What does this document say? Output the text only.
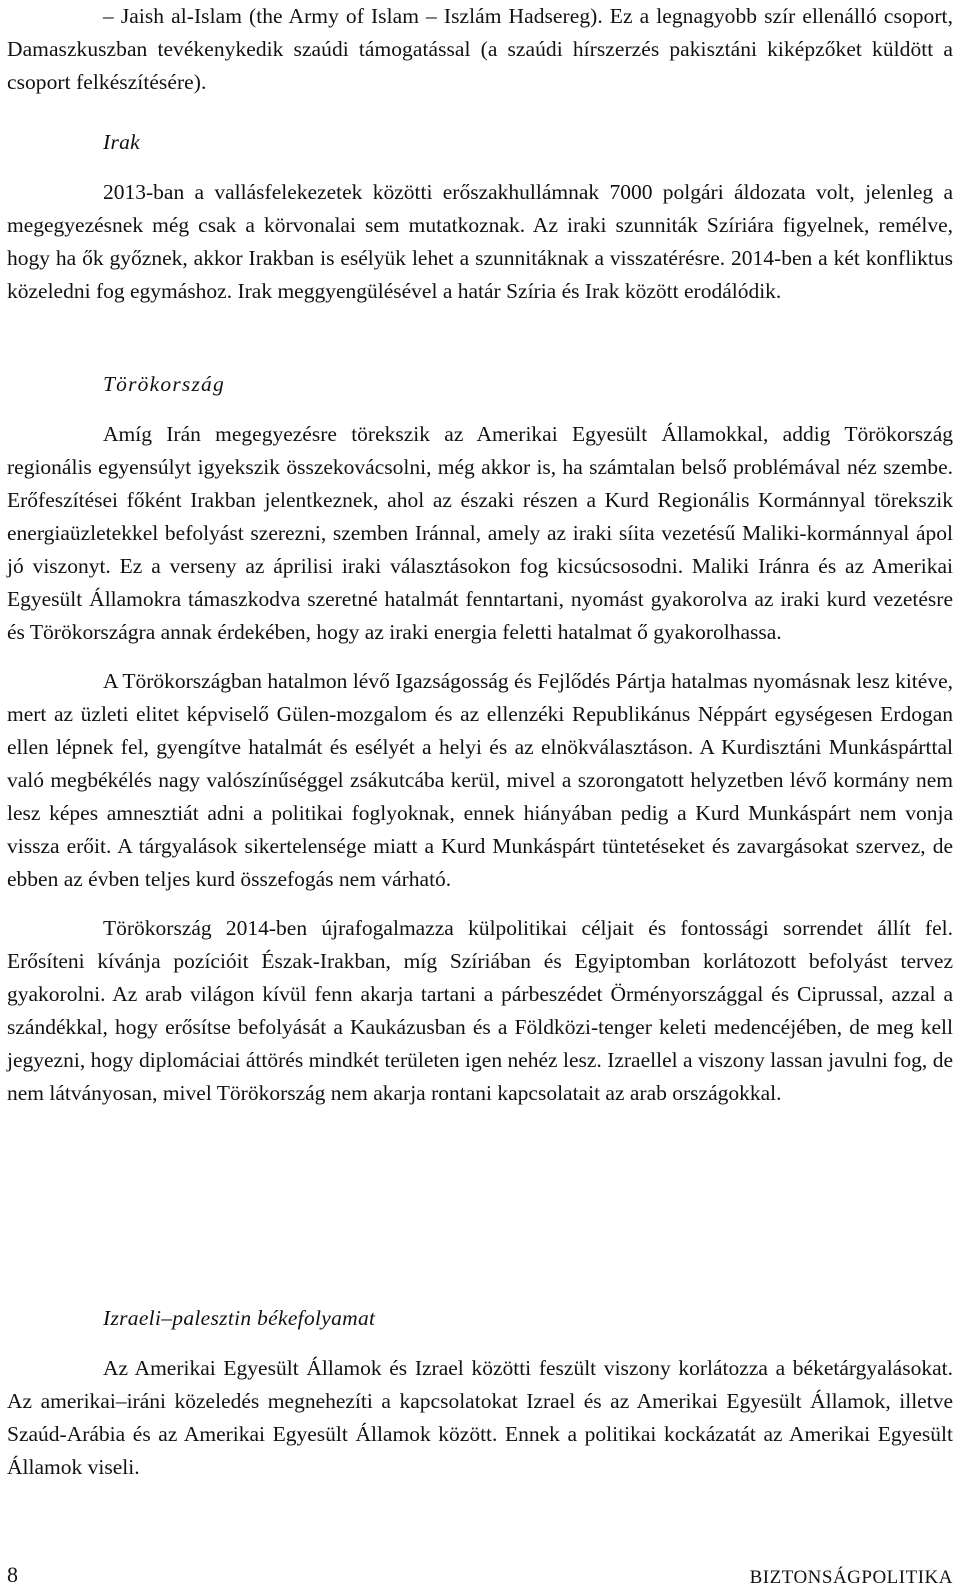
– Jaish al-Islam (the Army of Islam – Iszlám Hadsereg). Ez a legnagyobb szír ellenálló csoport, Damaszkuszban tevékenykedik szaúdi támogatással (a szaúdi hírszerzés pakisztáni kiképzőket küldött a csoport felkészítésére).

Irak

2013-ban a vallásfelekezetek közötti erőszakhullámnak 7000 polgári áldozata volt, jelenleg a megegyezésnek még csak a körvonalai sem mutatkoznak. Az iraki szunniták Szíriára figyelnek, remélve, hogy ha ők győznek, akkor Irakban is esélyük lehet a szunnitáknak a visszatérésre. 2014-ben a két konfliktus közeledni fog egymáshoz. Irak meggyengülésével a határ Szíria és Irak között erodálódik.

Törökország

Amíg Irán megegyezésre törekszik az Amerikai Egyesült Államokkal, addig Törökország regionális egyensúlyt igyekszik összekovácsolni, még akkor is, ha számtalan belső problémával néz szembe. Erőfeszítései főként Irakban jelentkeznek, ahol az északi részen a Kurd Regionális Kormánnyal törekszik energiaüzletekkel befolyást szerezni, szemben Iránnal, amely az iraki síita vezetésű Maliki-kormánnyal ápol jó viszonyt. Ez a verseny az áprilisi iraki választásokon fog kicsúcsosodni. Maliki Iránra és az Amerikai Egyesült Államokra támaszkodva szeretné hatalmát fenntartani, nyomást gyakorolva az iraki kurd vezetésre és Törökországra annak érdekében, hogy az iraki energia feletti hatalmat ő gyakorolhassa.

A Törökországban hatalmon lévő Igazságosság és Fejlődés Pártja hatalmas nyomásnak lesz kitéve, mert az üzleti elitet képviselő Gülen-mozgalom és az ellenzéki Republikánus Néppárt egységesen Erdogan ellen lépnek fel, gyengítve hatalmát és esélyét a helyi és az elnökválasztáson. A Kurdisztáni Munkáspárttal való megbékélés nagy valószínűséggel zsákutcába kerül, mivel a szorongatott helyzetben lévő kormány nem lesz képes amnesztiát adni a politikai foglyoknak, ennek hiányában pedig a Kurd Munkáspárt nem vonja vissza erőit. A tárgyalások sikertelensége miatt a Kurd Munkáspárt tüntetéseket és zavargásokat szervez, de ebben az évben teljes kurd összefogás nem várható.

Törökország 2014-ben újrafogalmazza külpolitikai céljait és fontossági sorrendet állít fel. Erősíteni kívánja pozícióit Észak-Irakban, míg Szíriában és Egyiptomban korlátozott befolyást tervez gyakorolni. Az arab világon kívül fenn akarja tartani a párbeszédet Örményországgal és Ciprussal, azzal a szándékkal, hogy erősítse befolyását a Kaukázusban és a Földközi-tenger keleti medencéjében, de meg kell jegyezni, hogy diplomáciai áttörés mindkét területen igen nehéz lesz. Izraellel a viszony lassan javulni fog, de nem látványosan, mivel Törökország nem akarja rontani kapcsolatait az arab országokkal.

Izraeli–palesztin békefolyamat

Az Amerikai Egyesült Államok és Izrael közötti feszült viszony korlátozza a béketárgyalásokat. Az amerikai–iráni közeledés megnehezíti a kapcsolatokat Izrael és az Amerikai Egyesült Államok, illetve Szaúd-Arábia és az Amerikai Egyesült Államok között. Ennek a politikai kockázatát az Amerikai Egyesült Államok viseli.

8	BIZTONSÁGPOLITIKA
